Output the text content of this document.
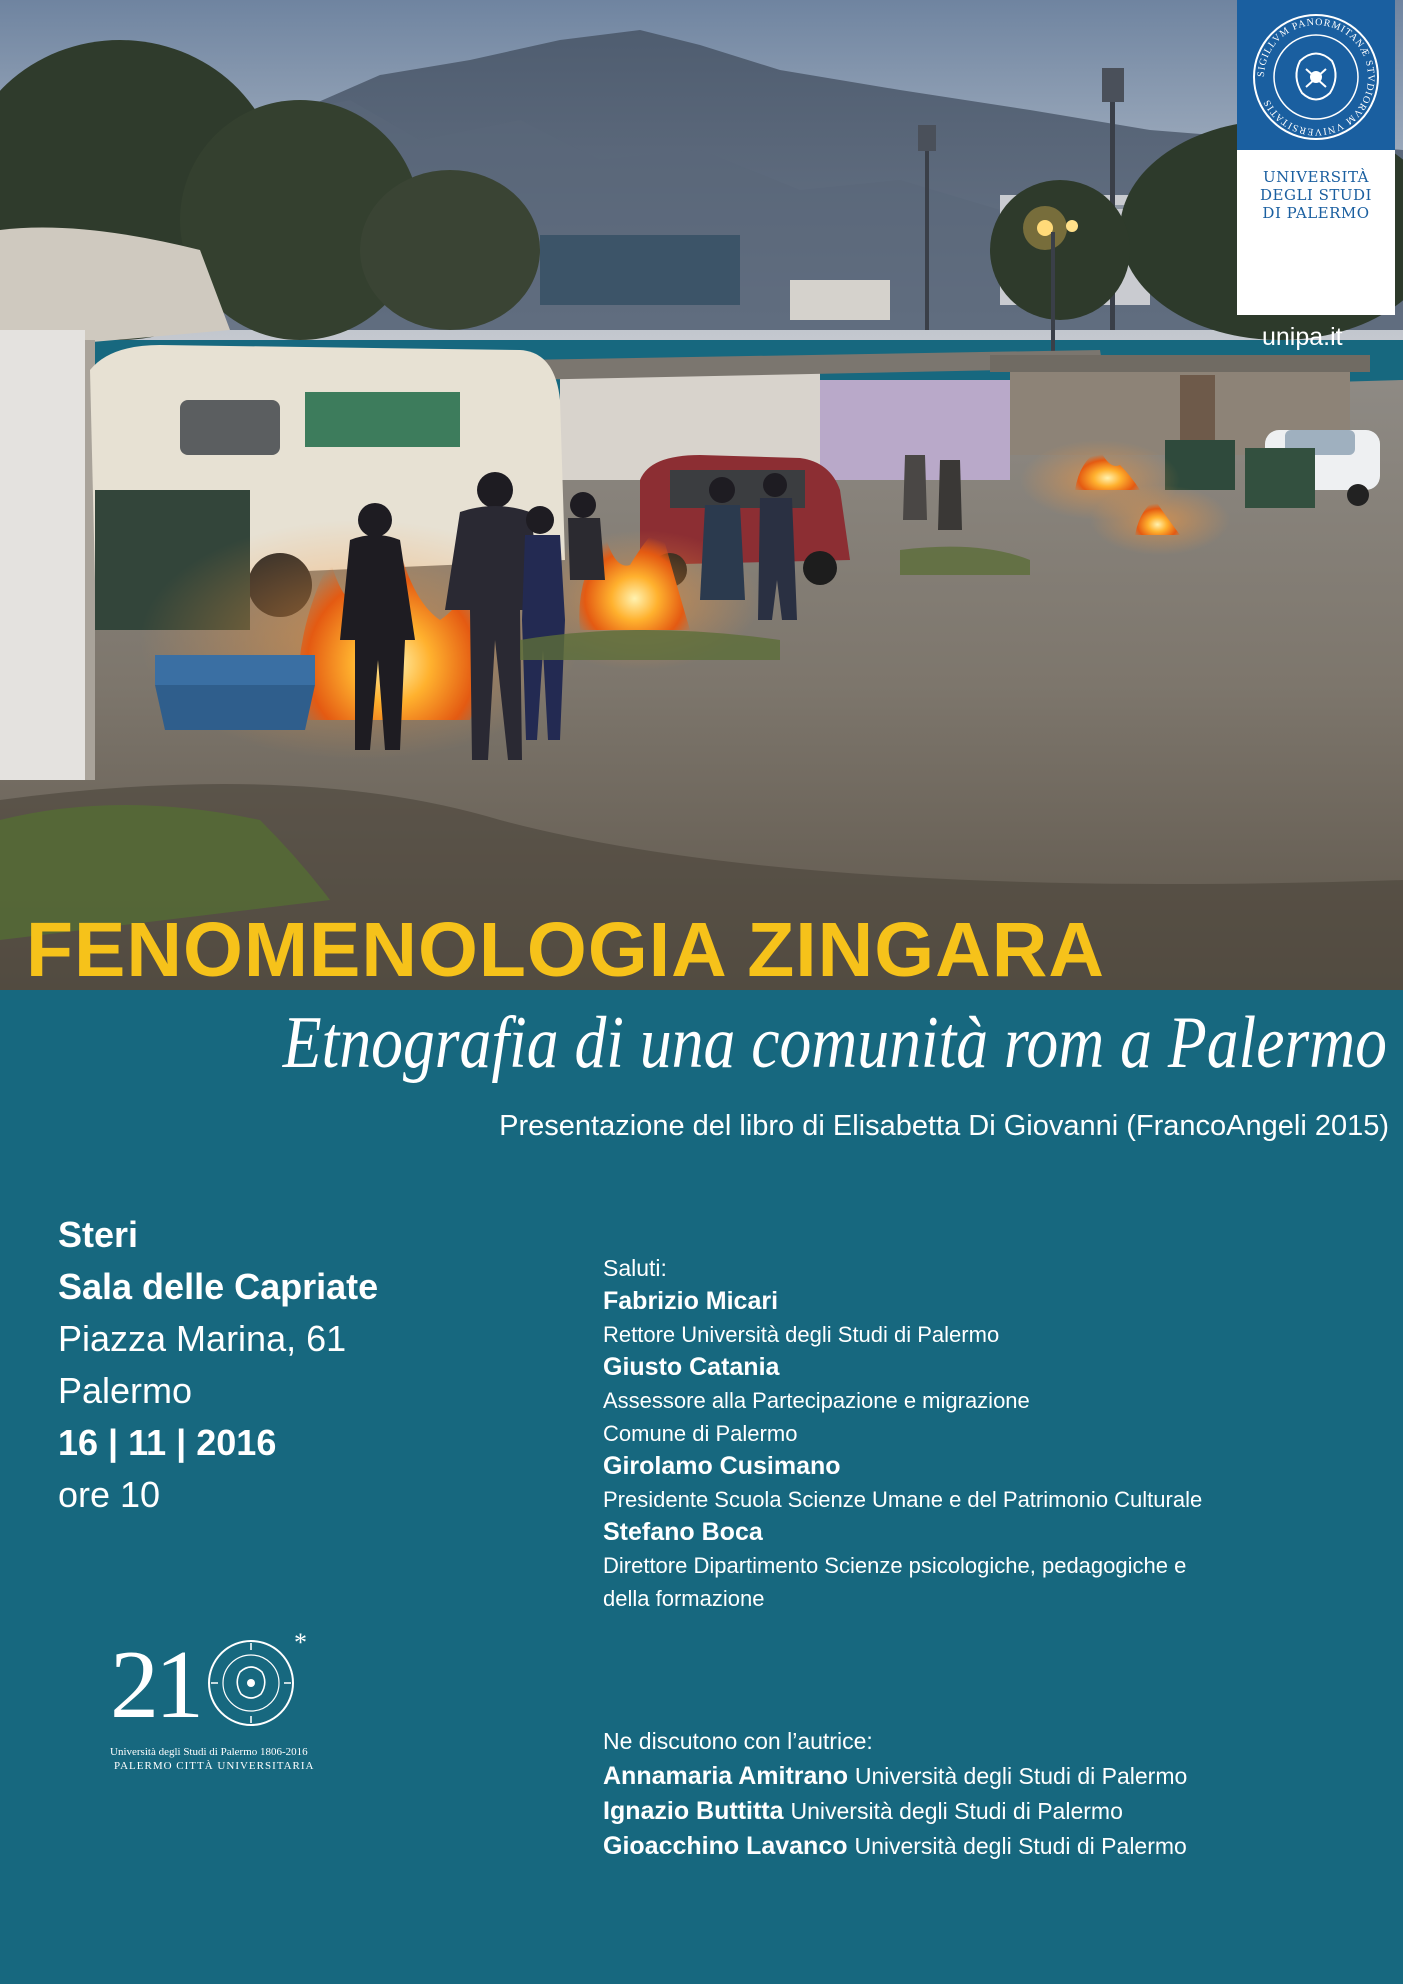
SIGILLVM PANORMITANÆ STVDIORVM VNIVERSITATIS
UNIVERSITÀ
DEGLI STUDI
DI PALERMO
unipa.it
FENOMENOLOGIA ZINGARA
Etnografia di una comunità rom a Palermo
Presentazione del libro di Elisabetta Di Giovanni (FrancoAngeli 2015)
Steri
Sala delle Capriate
Piazza Marina, 61
Palermo
16 | 11 | 2016
ore 10
21	*
Università degli Studi di Palermo 1806-2016
PALERMO CITTÀ UNIVERSITARIA
Saluti:
Fabrizio Micari
Rettore Università degli Studi di Palermo
Giusto Catania
Assessore alla Partecipazione e migrazione
Comune di Palermo
Girolamo Cusimano
Presidente Scuola Scienze Umane e del Patrimonio Culturale
Stefano Boca
Direttore Dipartimento Scienze psicologiche, pedagogiche e
della formazione
Ne discutono con l’autrice:
Annamaria Amitrano Università degli Studi di Palermo
Ignazio Buttitta Università degli Studi di Palermo
Gioacchino Lavanco Università degli Studi di Palermo
